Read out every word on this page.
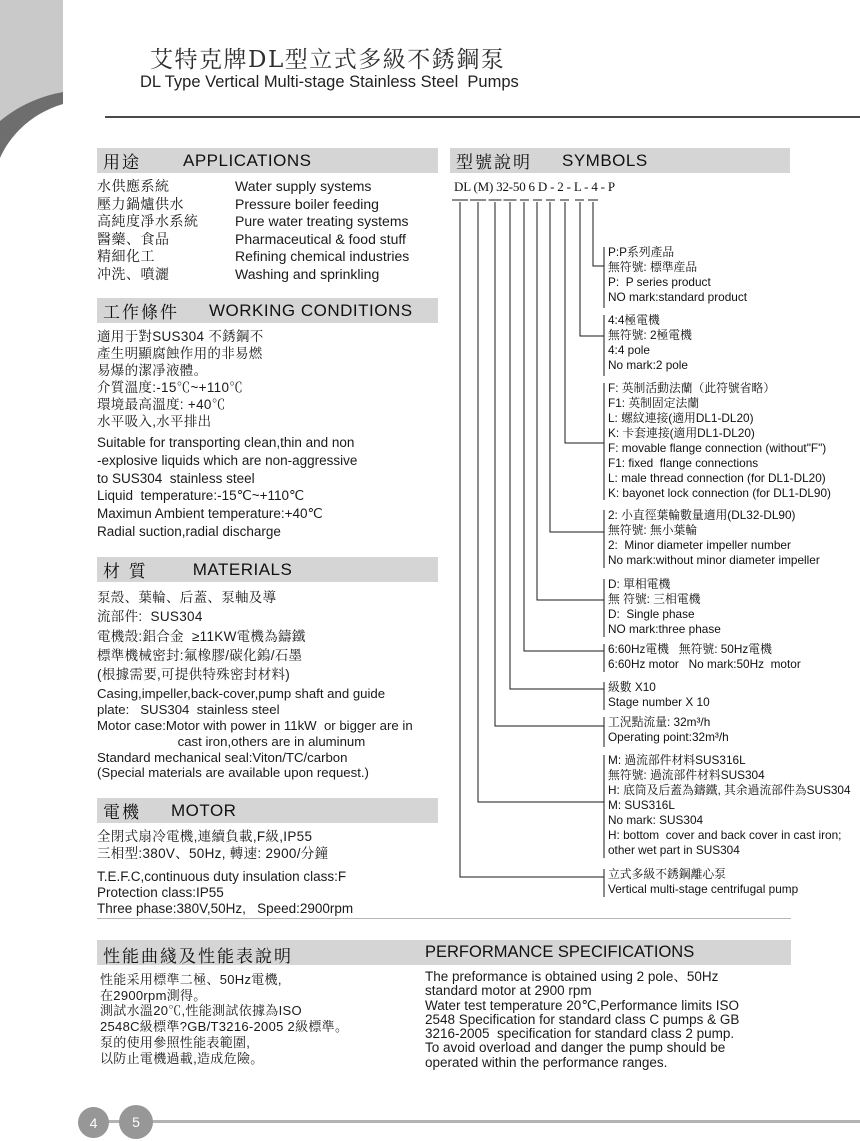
艾特克牌DL型立式多級不銹鋼泵
DL Type Vertical Multi-stage Stainless Steel  Pumps
用途 APPLICATIONS
水供應系統	Water supply systems
壓力鍋爐供水	Pressure boiler feeding
高純度凈水系統	Pure water treating systems
醫藥、食品	Pharmaceutical & food stuff
精細化工	Refining chemical industries
冲洗、噴灑	Washing and sprinkling
工作條件 WORKING CONDITIONS
適用于對SUS304 不銹鋼不
產生明顯腐蝕作用的非易燃
易爆的潔凈液體。
介質溫度:-15℃~+110℃
環境最高溫度: +40℃
水平吸入,水平排出
Suitable for transporting clean,thin and non
-explosive liquids which are non-aggressive
to SUS304  stainless steel
Liquid  temperature:-15℃~+110℃
Maximun Ambient temperature:+40℃
Radial suction,radial discharge
材 質	MATERIALS
泵殼、葉輪、后蓋、泵軸及導
流部件:  SUS304
電機殼:鋁合金  ≥11KW電機為鑄鐵
標準機械密封:氟橡膠/碳化鎢/石墨
(根據需要,可提供特殊密封材料)
Casing,impeller,back-cover,pump shaft and guide
plate:   SUS304  stainless steel
Motor case:Motor with power in 11kW  or bigger are in
cast iron,others are in aluminum
Standard mechanical seal:Viton/TC/carbon
(Special materials are available upon request.)
電機 MOTOR
全閉式扇冷電機,連續負載,F級,IP55
三相型:380V、50Hz, 轉速: 2900/分鐘
T.E.F.C,continuous duty insulation class:F
Protection class:IP55
Three phase:380V,50Hz,   Speed:2900rpm
型號說明 SYMBOLS
DL (M) 32-50 6 D - 2 - L - 4 - P
P:P系列產品
無符號: 標準産品
P:  P series product
NO mark:standard product
4:4極電機
無符號: 2極電機
4:4 pole
No mark:2 pole
F: 英制活動法蘭（此符號省略）
F1: 英制固定法蘭
L: 螺紋連接(適用DL1-DL20)
K: 卡套連接(適用DL1-DL20)
F: movable flange connection (without"F")
F1: fixed  flange connections
L: male thread connection (for DL1-DL20)
K: bayonet lock connection (for DL1-DL90)
2: 小直徑葉輪數量適用(DL32-DL90)
無符號: 無小葉輪
2:  Minor diameter impeller number
No mark:without minor diameter impeller
D: 單相電機
無 符號: 三相電機
D:  Single phase
NO mark:three phase
6:60Hz電機   無符號: 50Hz電機
6:60Hz motor   No mark:50Hz  motor
級數 X10
Stage number X 10
工況點流量: 32m³/h
Operating point:32m³/h
M: 過流部件材料SUS316L
無符號: 過流部件材料SUS304
H: 底筒及后蓋為鑄鐵, 其余過流部件為SUS304
M: SUS316L
No mark: SUS304
H: bottom  cover and back cover in cast iron;
other wet part in SUS304
立式多級不銹鋼離心泵
Vertical multi-stage centrifugal pump
性能曲綫及性能表說明	PERFORMANCE SPECIFICATIONS
性能采用標準二極、50Hz電機,
在2900rpm測得。
測試水溫20℃,性能測試依據為ISO
2548C級標準?GB/T3216-2005 2級標準。
泵的使用參照性能表範圍,
以防止電機過載,造成危險。
The preformance is obtained using 2 pole、50Hz
standard motor at 2900 rpm
Water test temperature 20℃,Performance limits ISO
2548 Specification for standard class C pumps & GB
3216-2005  specification for standard class 2 pump.
To avoid overload and danger the pump should be
operated within the performance ranges.
4 5
